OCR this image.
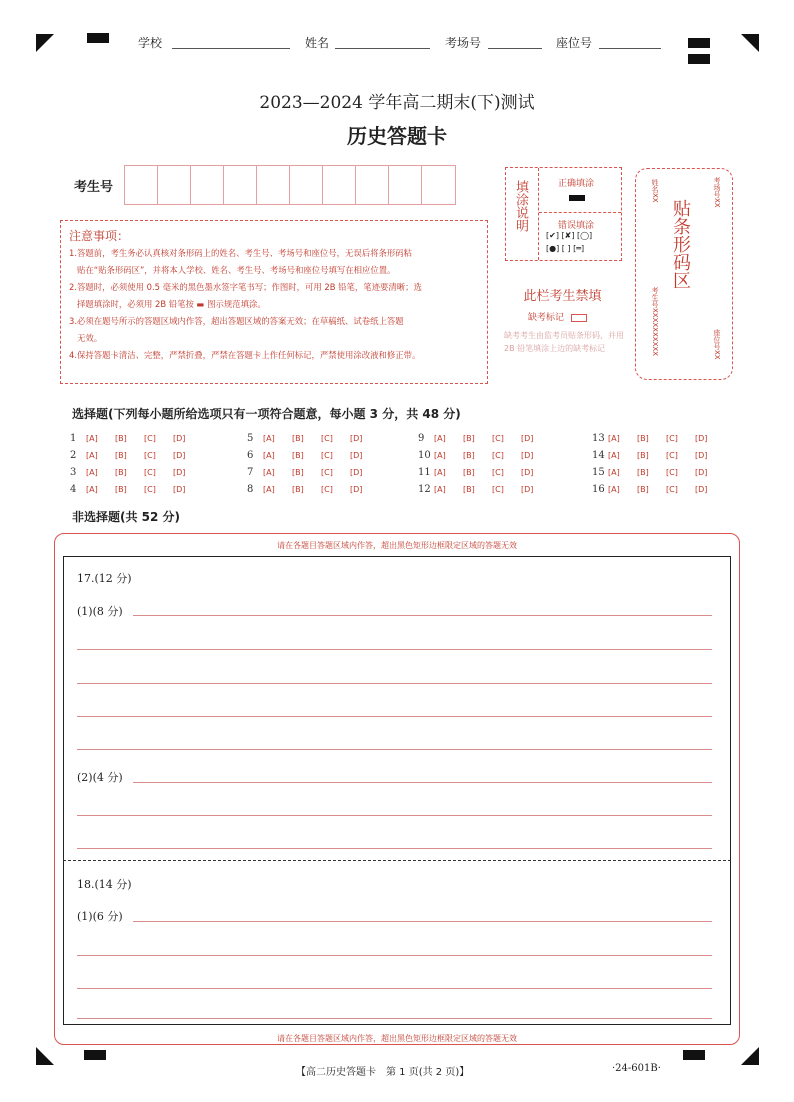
学校	姓名	考场号	座位号
2023—2024 学年高二期末(下)测试
历史答题卡
考生号
注意事项：
1.答题前，考生务必认真核对条形码上的姓名、考生号、考场号和座位号，无误后将条形码粘
贴在“贴条形码区”，并将本人学校、姓名、考生号、考场号和座位号填写在相应位置。
2.答题时，必须使用 0.5 毫米的黑色墨水签字笔书写；作图时，可用 2B 铅笔，笔迹要清晰；选
择题填涂时，必须用 2B 铅笔按 ▬ 图示规范填涂。
3.必须在题号所示的答题区域内作答，超出答题区域的答案无效；在草稿纸、试卷纸上答题
无效。
4.保持答题卡清洁、完整，严禁折叠，严禁在答题卡上作任何标记，严禁使用涂改液和修正带。
填涂说明	正确填涂
错误填涂
[✔] [✘] [◯]
[●] [ ] [═]
此栏考生禁填
缺考标记
缺考考生由监考员贴条形码，并用 2B 铅笔填涂上边的缺考标记
姓名XX	考场号XX
考生号XXXXXXXXXX	座位号XX
贴条形码区
选择题(下列每小题所给选项只有一项符合题意，每小题 3 分，共 48 分)
1 [A] [B] [C] [D]
2 [A] [B] [C] [D]
3 [A] [B] [C] [D]
4 [A] [B] [C] [D]
5 [A] [B] [C] [D]
6 [A] [B] [C] [D]
7 [A] [B] [C] [D]
8 [A] [B] [C] [D]
9 [A] [B] [C] [D]
10 [A] [B] [C] [D]
11 [A] [B] [C] [D]
12 [A] [B] [C] [D]
13 [A] [B] [C] [D]
14 [A] [B] [C] [D]
15 [A] [B] [C] [D]
16 [A] [B] [C] [D]
非选择题(共 52 分)
请在各题目答题区域内作答，超出黑色矩形边框限定区域的答题无效
17.(12 分)
(1)(8 分)
(2)(4 分)
18.(14 分)
(1)(6 分)
请在各题目答题区域内作答，超出黑色矩形边框限定区域的答题无效
【高二历史答题卡　第 1 页(共 2 页)】	·24-601B·
